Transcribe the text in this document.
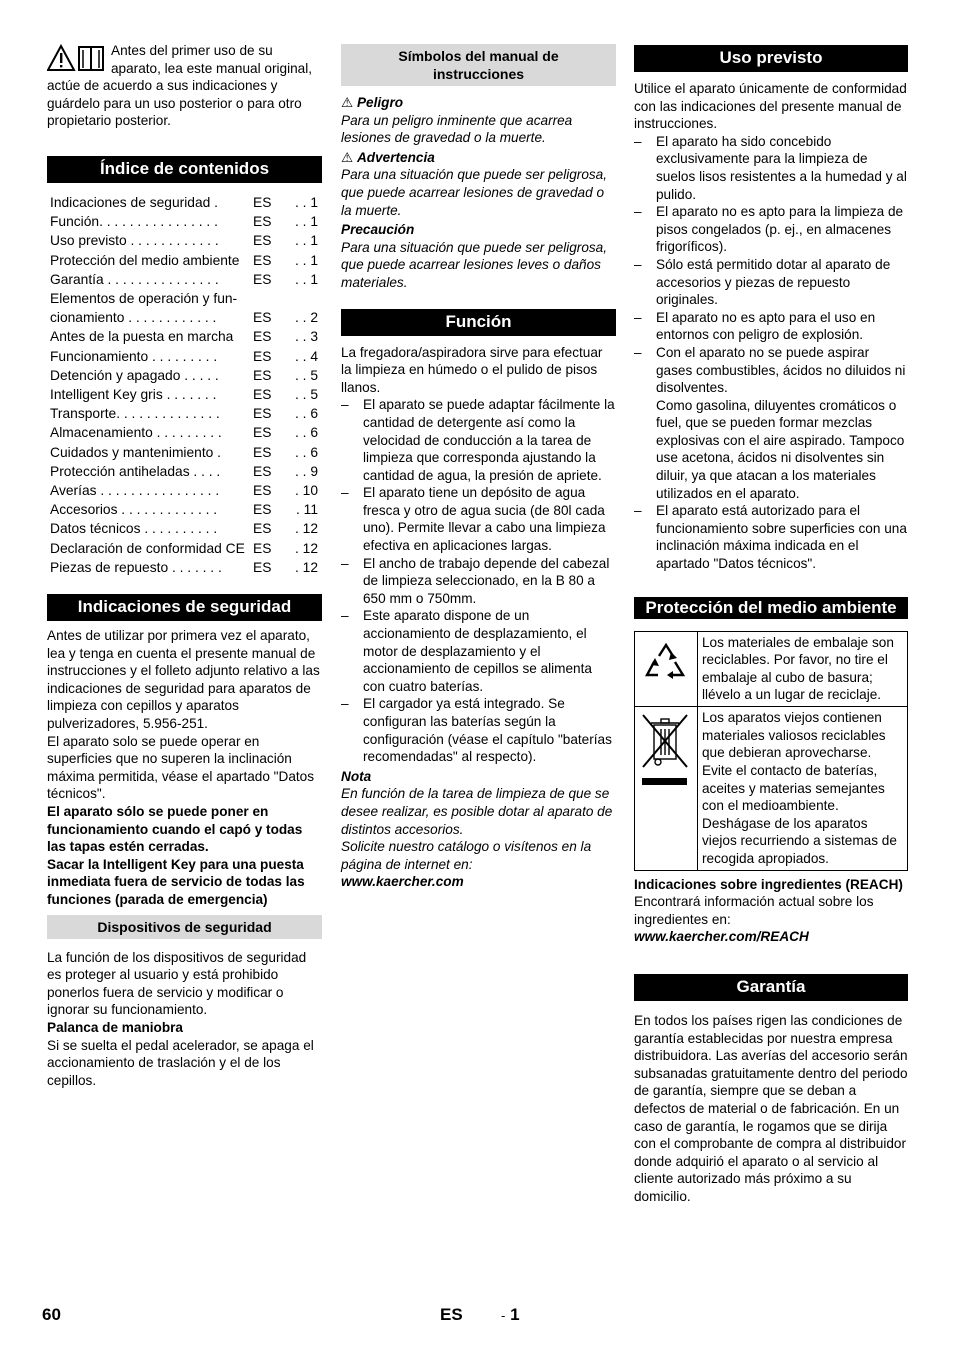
Antes del primer uso de su aparato, lea este manual original, actúe de acuerdo a sus indicaciones y guárdelo para un uso posterior o para otro propietario posterior.

Índice de contenidos
Indicaciones de seguridad .	ES	. . 1
Función. . . . . . . . . . . . . . . .	ES	. . 1
Uso previsto . . . . . . . . . . . .	ES	. . 1
Protección del medio ambiente	ES	. . 1
Garantía . . . . . . . . . . . . . . .	ES	. . 1
Elementos de operación y fun-		
cionamiento . . . . . . . . . . . .	ES	. . 2
Antes de la puesta en marcha	ES	. . 3
Funcionamiento . . . . . . . . .	ES	. . 4
Detención y apagado . . . . .	ES	. . 5
Intelligent Key gris . . . . . . .	ES	. . 5
Transporte. . . . . . . . . . . . . .	ES	. . 6
Almacenamiento . . . . . . . . .	ES	. . 6
Cuidados y mantenimiento .	ES	. . 6
Protección antiheladas . . . .	ES	. . 9
Averías . . . . . . . . . . . . . . . .	ES	. 10
Accesorios . . . . . . . . . . . . .	ES	. 11
Datos técnicos . . . . . . . . . .	ES	. 12
Declaración de conformidad CE	ES	. 12
Piezas de repuesto . . . . . . .	ES	. 12
Indicaciones de seguridad

Antes de utilizar por primera vez el aparato, lea y tenga en cuenta el presente manual de instrucciones y el folleto adjunto relativo a las indicaciones de seguridad para aparatos de limpieza con cepillos y aparatos pulverizadores, 5.956-251.

El aparato solo se puede operar en superficies que no superen la inclinación máxima permitida, véase el apartado "Datos técnicos".

El aparato sólo se puede poner en funcionamiento cuando el capó y todas las tapas estén cerradas.

Sacar la Intelligent Key para una puesta inmediata fuera de servicio de todas las funciones (parada de emergencia)

Dispositivos de seguridad

La función de los dispositivos de seguridad es proteger al usuario y está prohibido ponerlos fuera de servicio y modificar o ignorar su funcionamiento.

Palanca de maniobra

Si se suelta el pedal acelerador, se apaga el accionamiento de traslación y el de los cepillos.

Símbolos del manual de instrucciones

⚠ Peligro

Para un peligro inminente que acarrea lesiones de gravedad o la muerte.

⚠ Advertencia

Para una situación que puede ser peligrosa, que puede acarrear lesiones de gravedad o la muerte.

Precaución

Para una situación que puede ser peligrosa, que puede acarrear lesiones leves o daños materiales.

Función

La fregadora/aspiradora sirve para efectuar la limpieza en húmedo o el pulido de pisos llanos.

–	El aparato se puede adaptar fácilmente la cantidad de detergente así como la velocidad de conducción a la tarea de limpieza que corresponda ajustando la cantidad de agua, la presión de apriete.
–	El aparato tiene un depósito de agua fresca y otro de agua sucia (de 80l cada uno). Permite llevar a cabo una limpieza efectiva en aplicaciones largas.
–	El ancho de trabajo depende del cabezal de limpieza seleccionado, en la B 80 a 650 mm o 750mm.
–	Este aparato dispone de un accionamiento de desplazamiento, el motor de desplazamiento y el accionamiento de cepillos se alimenta con cuatro baterías.
–	El cargador ya está integrado. Se configuran las baterías según la configuración (véase el capítulo "baterías recomendadas" al respecto).

Nota

En función de la tarea de limpieza de que se desee realizar, es posible dotar al aparato de distintos accesorios.

Solicite nuestro catálogo o visítenos en la página de internet en:

www.kaercher.com

Uso previsto

Utilice el aparato únicamente de conformidad con las indicaciones del presente manual de instrucciones.

–	El aparato ha sido concebido exclusivamente para la limpieza de suelos lisos resistentes a la humedad y al pulido.
–	El aparato no es apto para la limpieza de pisos congelados (p. ej., en almacenes frigoríficos).
–	Sólo está permitido dotar al aparato de accesorios y piezas de repuesto originales.
–	El aparato no es apto para el uso en entornos con peligro de explosión.
–	Con el aparato no se puede aspirar gases combustibles, ácidos no diluidos ni disolventes.

Como gasolina, diluyentes cromáticos o fuel, que se pueden formar mezclas explosivas con el aire aspirado. Tampoco use acetona, ácidos ni disolventes sin diluir, ya que atacan a los materiales utilizados en el aparato.

–	El aparato está autorizado para el funcionamiento sobre superficies con una inclinación máxima indicada en el apartado "Datos técnicos".
Protección del medio ambiente
	Los materiales de embalaje son reciclables. Por favor, no tire el embalaje al cubo de basura; llévelo a un lugar de reciclaje.
	Los aparatos viejos contienen materiales valiosos reciclables que debieran aprovecharse. Evite el contacto de baterías, aceites y materias semejantes con el medioambiente. Deshágase de los aparatos viejos recurriendo a sistemas de recogida apropiados.

Indicaciones sobre ingredientes (REACH)

Encontrará información actual sobre los ingredientes en:

www.kaercher.com/REACH

Garantía

En todos los países rigen las condiciones de garantía establecidas por nuestra empresa distribuidora. Las averías del accesorio serán subsanadas gratuitamente dentro del periodo de garantía, siempre que se deban a defectos de material o de fabricación. En un caso de garantía, le rogamos que se dirija con el comprobante de compra al distribuidor donde adquirió el aparato o al servicio al cliente autorizado más próximo a su domicilio.

60	ES	- 1
